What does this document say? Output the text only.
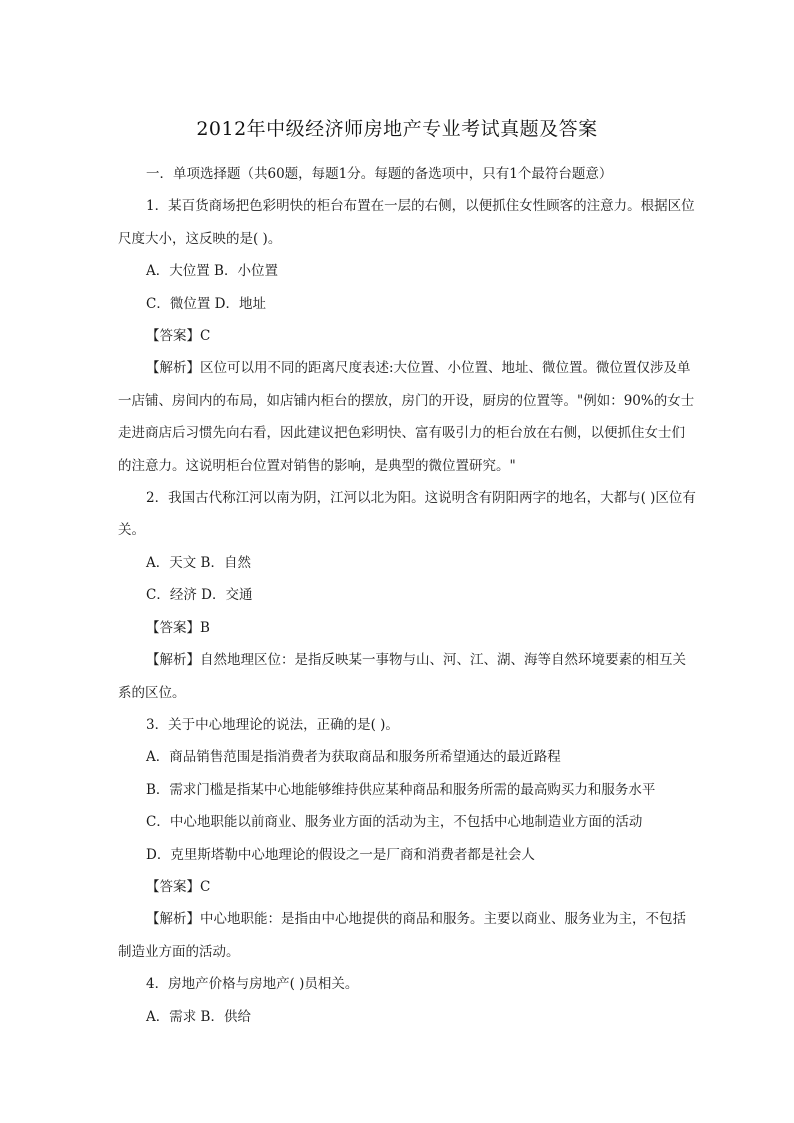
2012年中级经济师房地产专业考试真题及答案

一．单项选择题（共60题，每题1分。每题的备选项中，只有1个最符台题意）

1．某百货商场把色彩明快的柜台布置在一层的右侧，以便抓住女性顾客的注意力。根据区位尺度大小，这反映的是( )。

A．大位置 B．小位置

C．微位置 D．地址

【答案】C

【解析】区位可以用不同的距离尺度表述:大位置、小位置、地址、微位置。微位置仅涉及单一店铺、房间内的布局，如店铺内柜台的摆放，房门的开设，厨房的位置等。"例如：90%的女士走进商店后习惯先向右看，因此建议把色彩明快、富有吸引力的柜台放在右侧，以便抓住女士们的注意力。这说明柜台位置对销售的影响，是典型的微位置研究。"

2．我国古代称江河以南为阴，江河以北为阳。这说明含有阴阳两字的地名，大都与( )区位有关。

A．天文 B．自然

C．经济 D．交通

【答案】B

【解析】自然地理区位：是指反映某一事物与山、河、江、湖、海等自然环境要素的相互关系的区位。

3．关于中心地理论的说法，正确的是( )。

A．商品销售范围是指消费者为获取商品和服务所希望通达的最近路程

B．需求门槛是指某中心地能够维持供应某种商品和服务所需的最高购买力和服务水平

C．中心地职能以前商业、服务业方面的活动为主，不包括中心地制造业方面的活动

D．克里斯塔勒中心地理论的假设之一是厂商和消费者都是社会人

【答案】C

【解析】中心地职能：是指由中心地提供的商品和服务。主要以商业、服务业为主，不包括制造业方面的活动。

4．房地产价格与房地产( )员相关。

A．需求 B．供给
